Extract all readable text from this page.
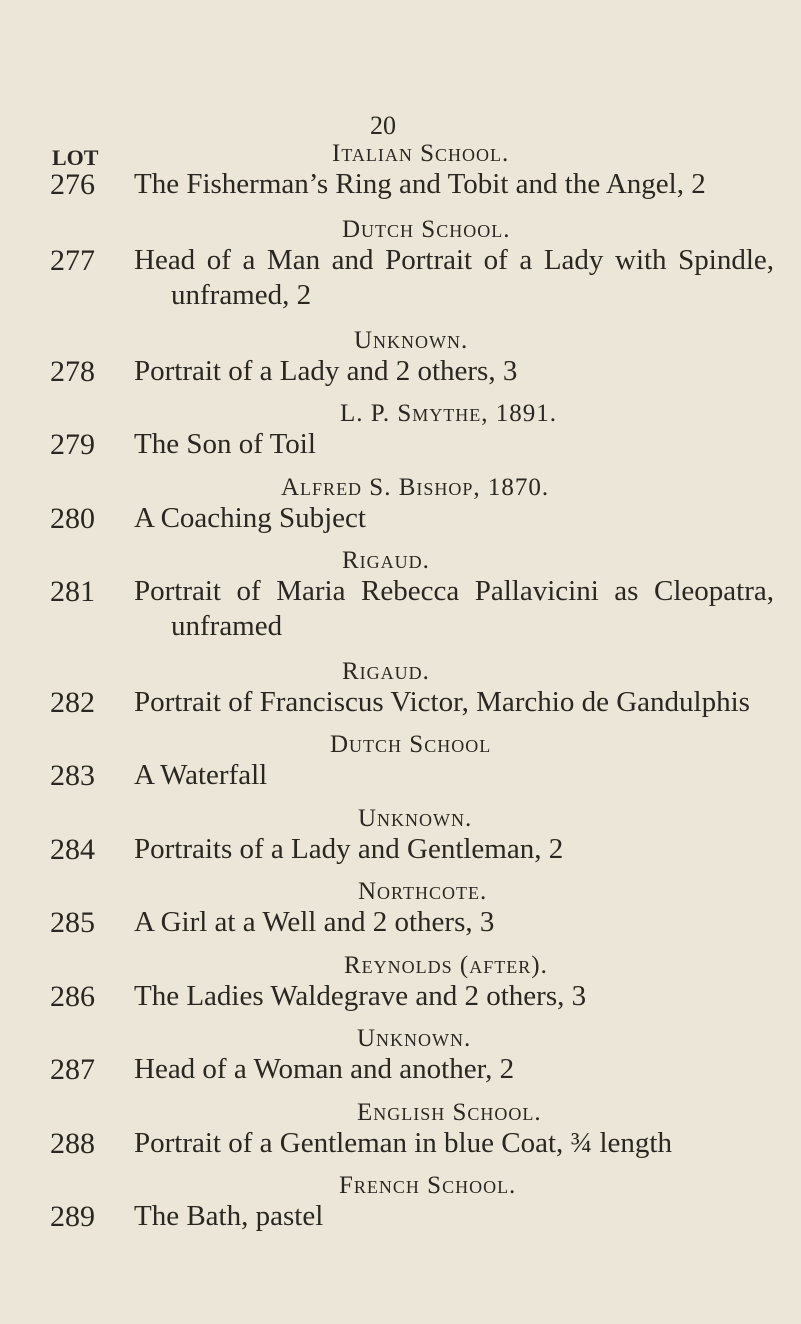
20
LOT	Italian School.
276 The Fisherman’s Ring and Tobit and the Angel, 2
Dutch School.
277 Head of a Man and Portrait of a Lady with Spindle,
unframed, 2
Unknown.
278 Portrait of a Lady and 2 others, 3
L. P. Smythe, 1891.
279 The Son of Toil
Alfred S. Bishop, 1870.
280 A Coaching Subject
Rigaud.
281 Portrait of Maria Rebecca Pallavicini as Cleopatra,
unframed
Rigaud.
282 Portrait of Franciscus Victor, Marchio de Gandulphis
Dutch School
283 A Waterfall
Unknown.
284 Portraits of a Lady and Gentleman, 2
Northcote.
285 A Girl at a Well and 2 others, 3
Reynolds (after).
286 The Ladies Waldegrave and 2 others, 3
Unknown.
287 Head of a Woman and another, 2
English School.
288 Portrait of a Gentleman in blue Coat, ¾ length
French School.
289 The Bath, pastel
